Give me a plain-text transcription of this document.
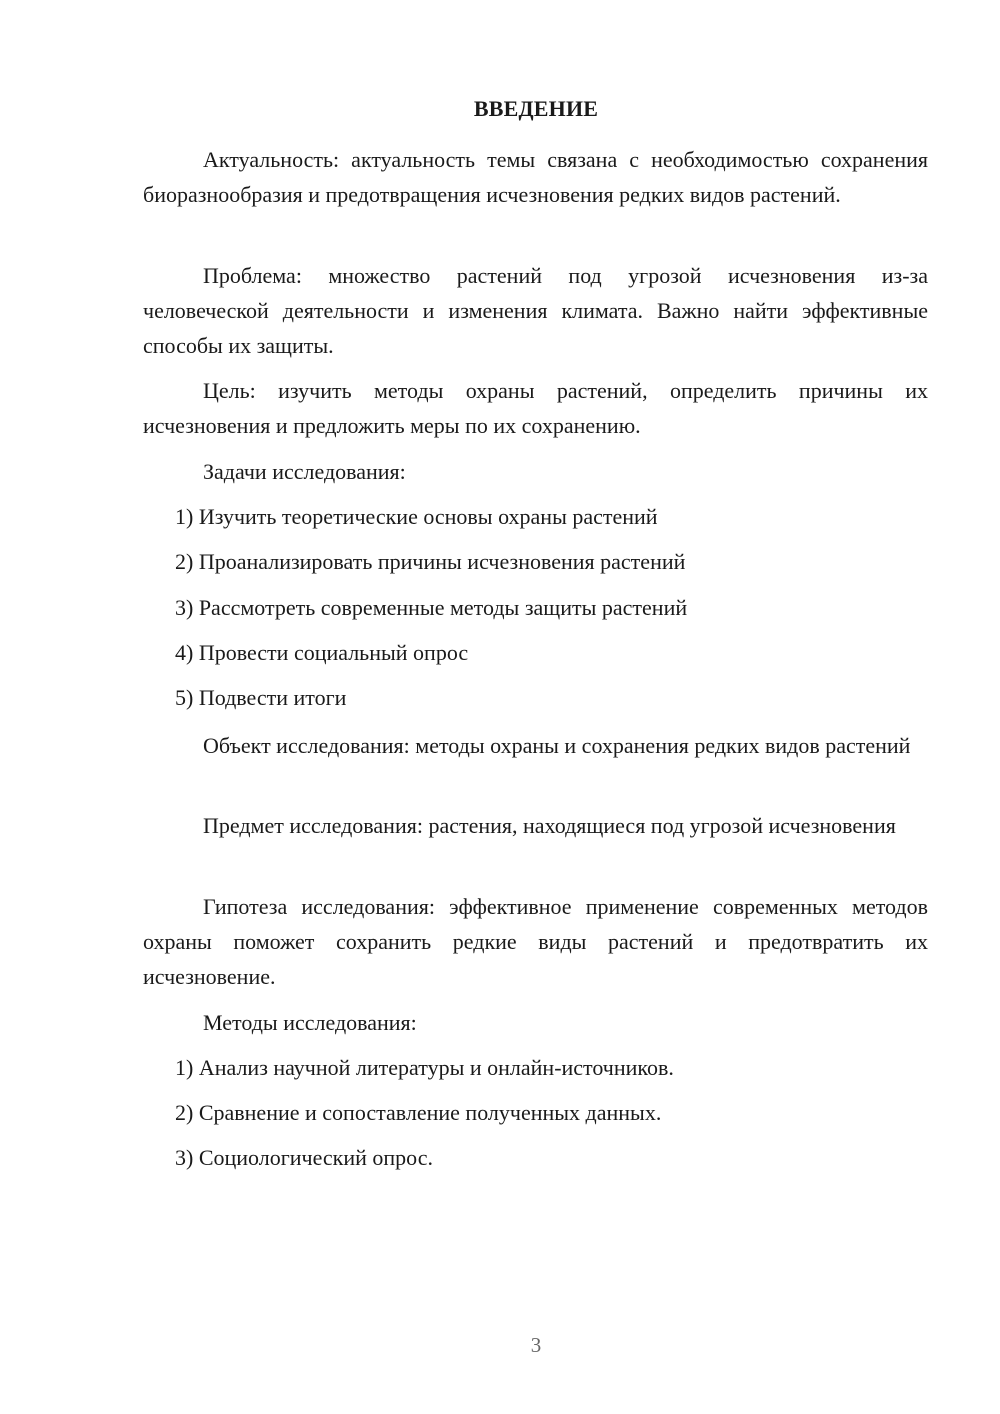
ВВЕДЕНИЕ
Актуальность: актуальность темы связана с необходимостью сохранения биоразнообразия и предотвращения исчезновения редких видов растений.
Проблема: множество растений под угрозой исчезновения из-за человеческой деятельности и изменения климата. Важно найти эффективные способы их защиты.
Цель: изучить методы охраны растений, определить причины их исчезновения и предложить меры по их сохранению.
Задачи исследования:
1) Изучить теоретические основы охраны растений
2) Проанализировать причины исчезновения растений
3) Рассмотреть современные методы защиты растений
4) Провести социальный опрос
5) Подвести итоги
Объект исследования: методы охраны и сохранения редких видов растений
Предмет исследования: растения, находящиеся под угрозой исчезновения
Гипотеза исследования: эффективное применение современных методов охраны поможет сохранить редкие виды растений и предотвратить их исчезновение.
Методы исследования:
1) Анализ научной литературы и онлайн-источников.
2) Сравнение и сопоставление полученных данных.
3) Социологический опрос.
3
